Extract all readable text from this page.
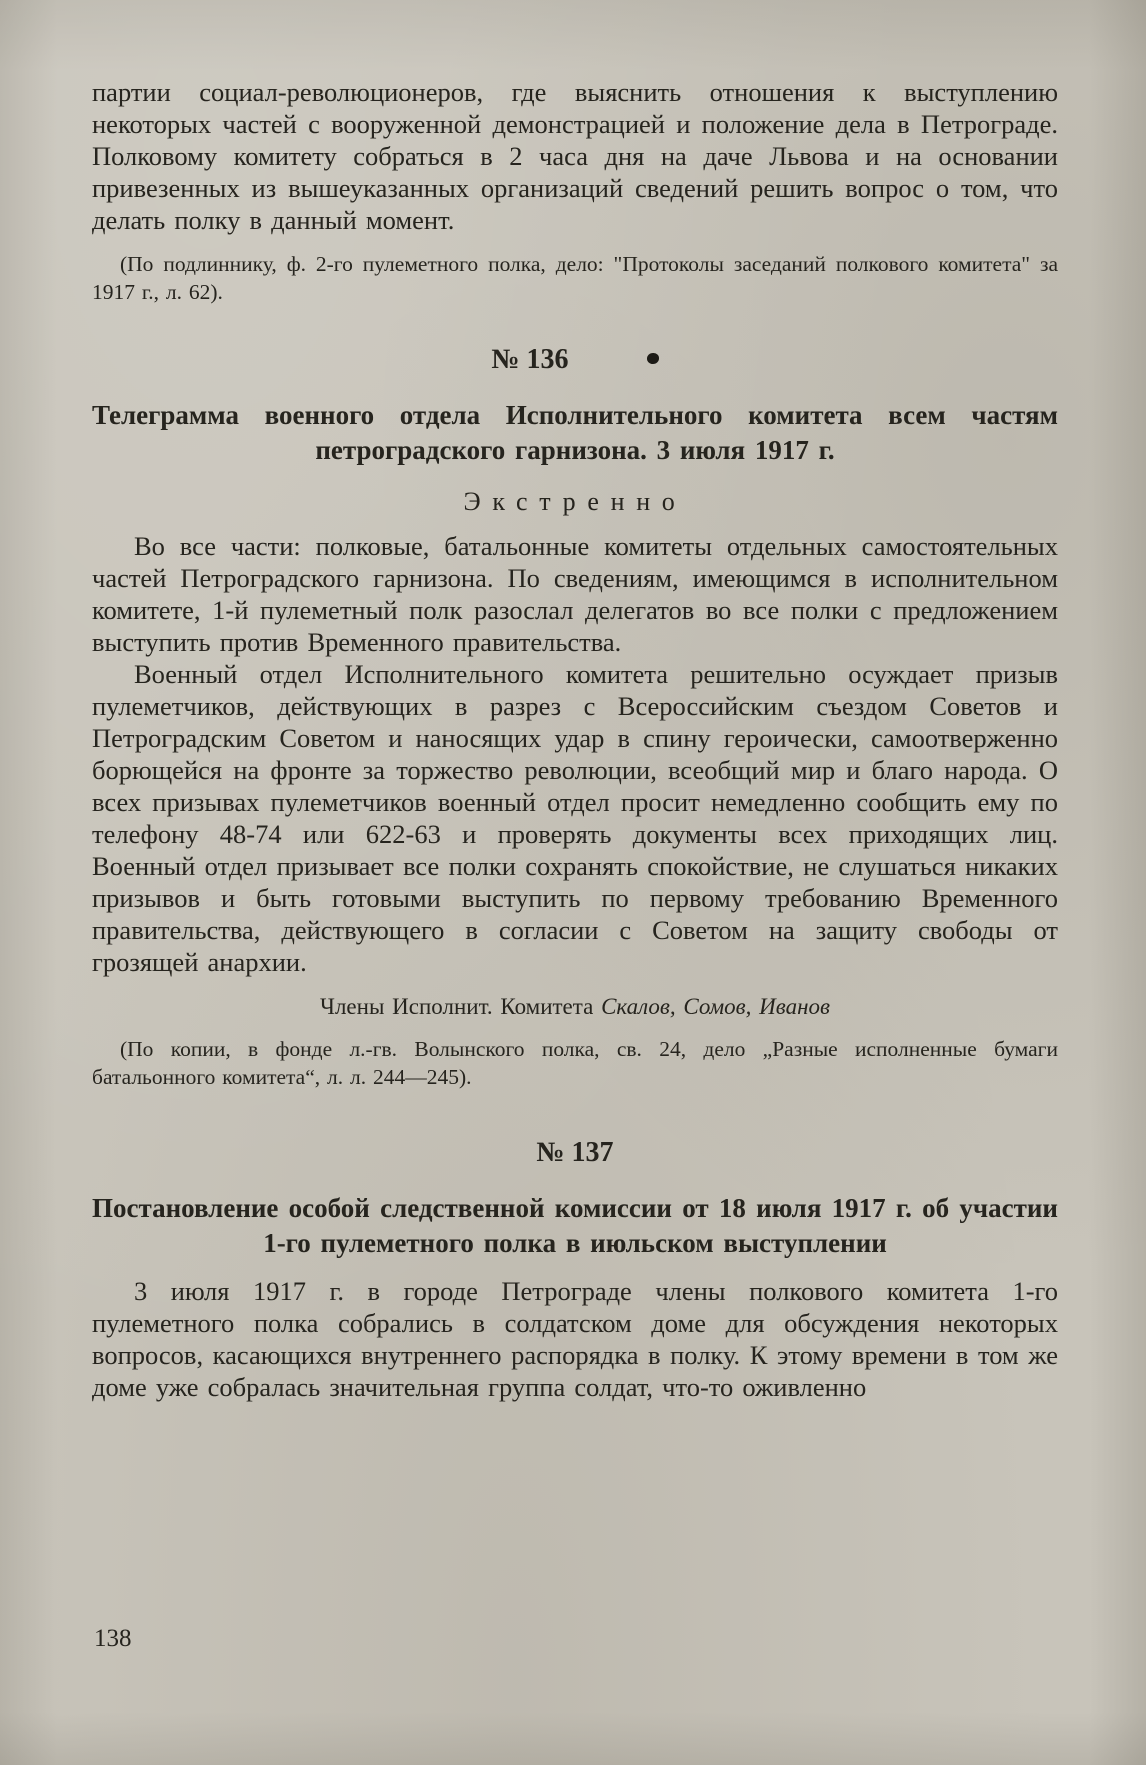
партии социал-революционеров, где выяснить отношения к выступлению некоторых частей с вооруженной демонстрацией и положение дела в Петрограде. Полковому комитету собраться в 2 часа дня на даче Львова и на основании привезенных из вышеуказанных организаций сведений решить вопрос о том, что делать полку в данный момент.

(По подлиннику, ф. 2-го пулеметного полка, дело: "Протоколы заседаний полкового комитета" за 1917 г., л. 62).

№ 136
Телеграмма военного отдела Исполнительного комитета всем частям петроградского гарнизона. 3 июля 1917 г.
Экстренно

Во все части: полковые, батальонные комитеты отдельных самостоятельных частей Петроградского гарнизона. По сведениям, имеющимся в исполнительном комитете, 1-й пулеметный полк разослал делегатов во все полки с предложением выступить против Временного правительства.

Военный отдел Исполнительного комитета решительно осуждает призыв пулеметчиков, действующих в разрез с Всероссийским съездом Советов и Петроградским Советом и наносящих удар в спину героически, самоотверженно борющейся на фронте за торжество революции, всеобщий мир и благо народа. О всех призывах пулеметчиков военный отдел просит немедленно сообщить ему по телефону 48-74 или 622-63 и проверять документы всех приходящих лиц. Военный отдел призывает все полки сохранять спокойствие, не слушаться никаких призывов и быть готовыми выступить по первому требованию Временного правительства, действующего в согласии с Советом на защиту свободы от грозящей анархии.

Члены Исполнит. Комитета Скалов, Сомов, Иванов

(По копии, в фонде л.-гв. Волынского полка, св. 24, дело „Разные исполненные бумаги батальонного комитета“, л. л. 244—245).

№ 137
Постановление особой следственной комиссии от 18 июля 1917 г. об участии 1-го пулеметного полка в июльском выступлении

3 июля 1917 г. в городе Петрограде члены полкового комитета 1-го пулеметного полка собрались в солдатском доме для обсуждения некоторых вопросов, касающихся внутреннего распорядка в полку. К этому времени в том же доме уже собралась значительная группа солдат, что-то оживленно

138
